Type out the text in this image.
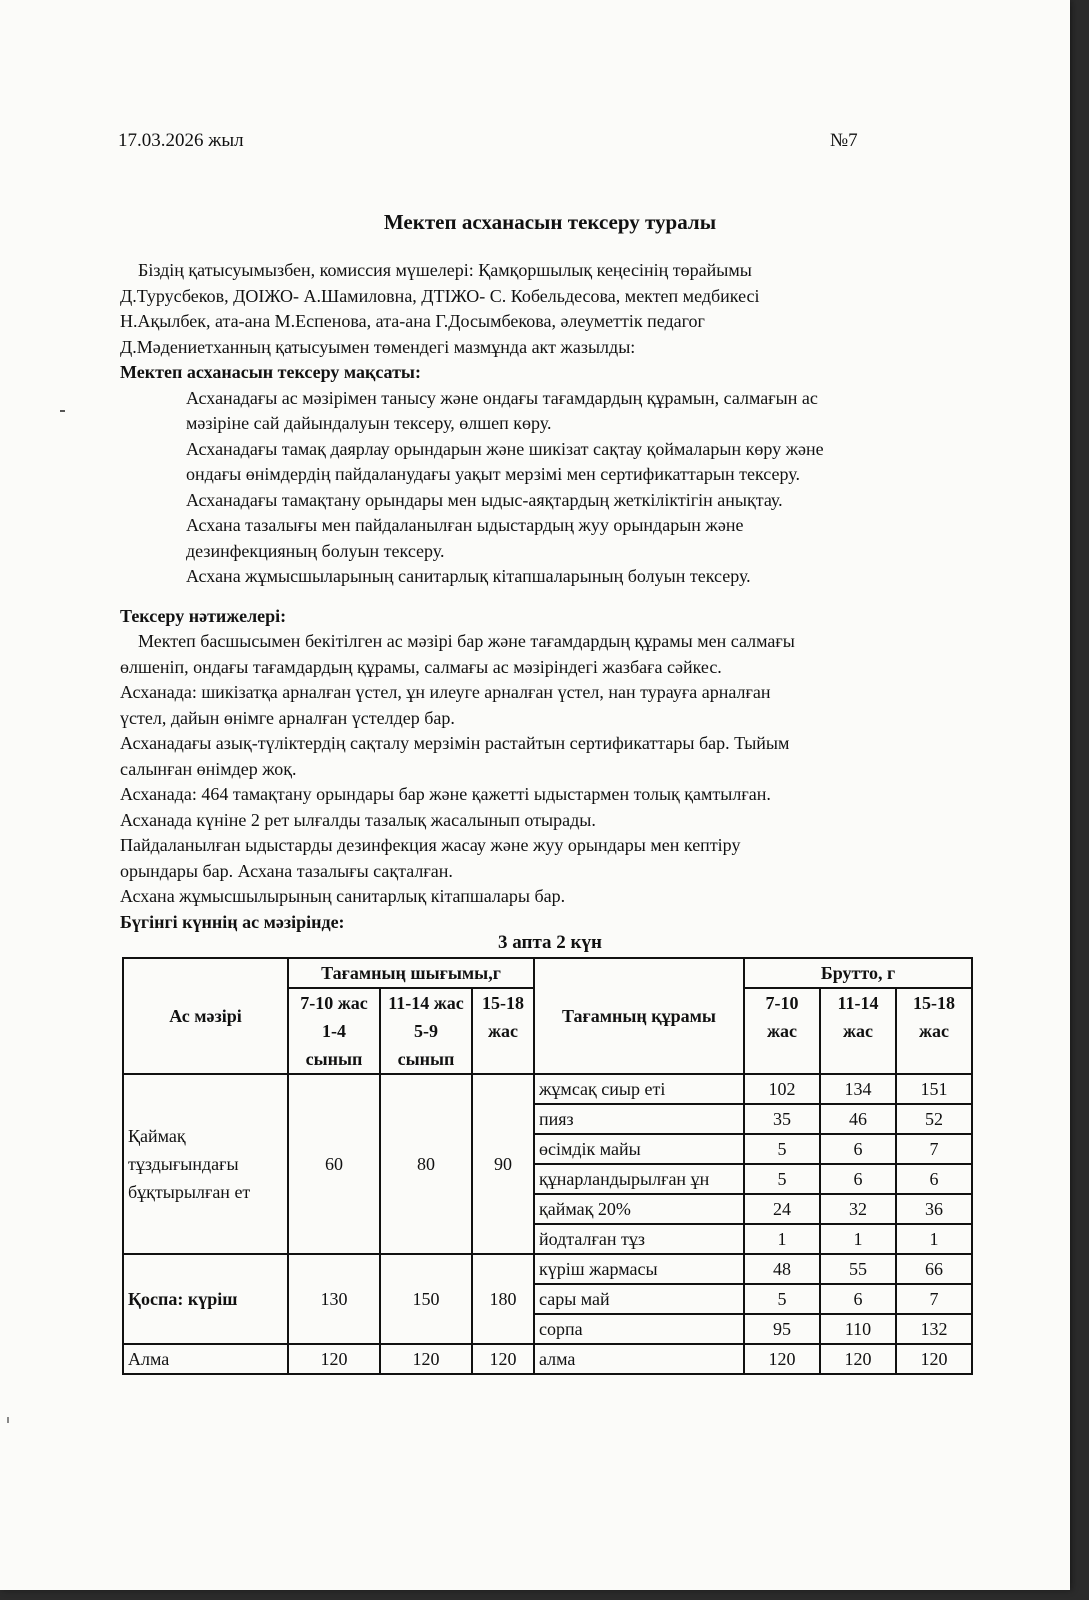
17.03.2026 жыл	№7
Мектеп асханасын тексеру туралы

Біздің қатысуымызбен, комиссия мүшелері: Қамқоршылық кеңесінің төрайымы

Д.Турусбеков, ДОІЖО- А.Шамиловна, ДТІЖО- С. Кобельдесова, мектеп медбикесі

Н.Ақылбек, ата-ана М.Еспенова, ата-ана Г.Досымбекова, әлеуметтік педагог

Д.Мәдениетханның қатысуымен төмендегі мазмұнда акт жазылды:

Мектеп асханасын тексеру мақсаты:

Асханадағы ас мәзірімен танысу және ондағы тағамдардың құрамын, салмағын ас

мәзіріне сай дайындалуын тексеру, өлшеп көру.

Асханадағы тамақ даярлау орындарын және шикізат сақтау қоймаларын көру және

ондағы өнімдердің пайдаланудағы уақыт мерзімі мен сертификаттарын тексеру.

Асханадағы тамақтану орындары мен ыдыс-аяқтардың жеткіліктігін анықтау.

Асхана тазалығы мен пайдаланылған ыдыстардың жуу орындарын және

дезинфекцияның болуын тексеру.

Асхана жұмысшыларының санитарлық кітапшаларының болуын тексеру.

Тексеру нәтижелері:

Мектеп басшысымен бекітілген ас мәзірі бар және тағамдардың құрамы мен салмағы

өлшеніп, ондағы тағамдардың құрамы, салмағы ас мәзіріндегі жазбаға сәйкес.

Асханада: шикізатқа арналған үстел, ұн илеуге арналған үстел, нан турауға арналған

үстел, дайын өнімге арналған үстелдер бар.

Асханадағы азық-түліктердің сақталу мерзімін растайтын сертификаттары бар. Тыйым

салынған өнімдер жоқ.

Асханада: 464 тамақтану орындары бар және қажетті ыдыстармен толық қамтылған.

Асханада күніне 2 рет ылғалды тазалық жасалынып отырады.

Пайдаланылған ыдыстарды дезинфекция жасау және жуу орындары мен кептіру

орындары бар. Асхана тазалығы сақталған.

Асхана жұмысшылырының санитарлық кітапшалары бар.

Бүгінгі күннің ас мәзірінде:

3 апта 2 күн
Ас мәзірі	Тағамның шығымы,г			Тағамның құрамы	Брутто, г		
	7-10 жас 1-4 сынып	11-14 жас 5-9 сынып	15-18 жас		7-10 жас	11-14 жас	15-18 жас
Қаймақ тұздығындағы бұқтырылған ет	60	80	90	жұмсақ сиыр еті	102	134	151
				пияз	35	46	52
				өсімдік майы	5	6	7
				құнарландырылған ұн	5	6	6
				қаймақ 20%	24	32	36
				йодталған тұз	1	1	1
Қоспа: күріш	130	150	180	күріш жармасы	48	55	66
				сары май	5	6	7
				сорпа	95	110	132
Алма	120	120	120	алма	120	120	120
